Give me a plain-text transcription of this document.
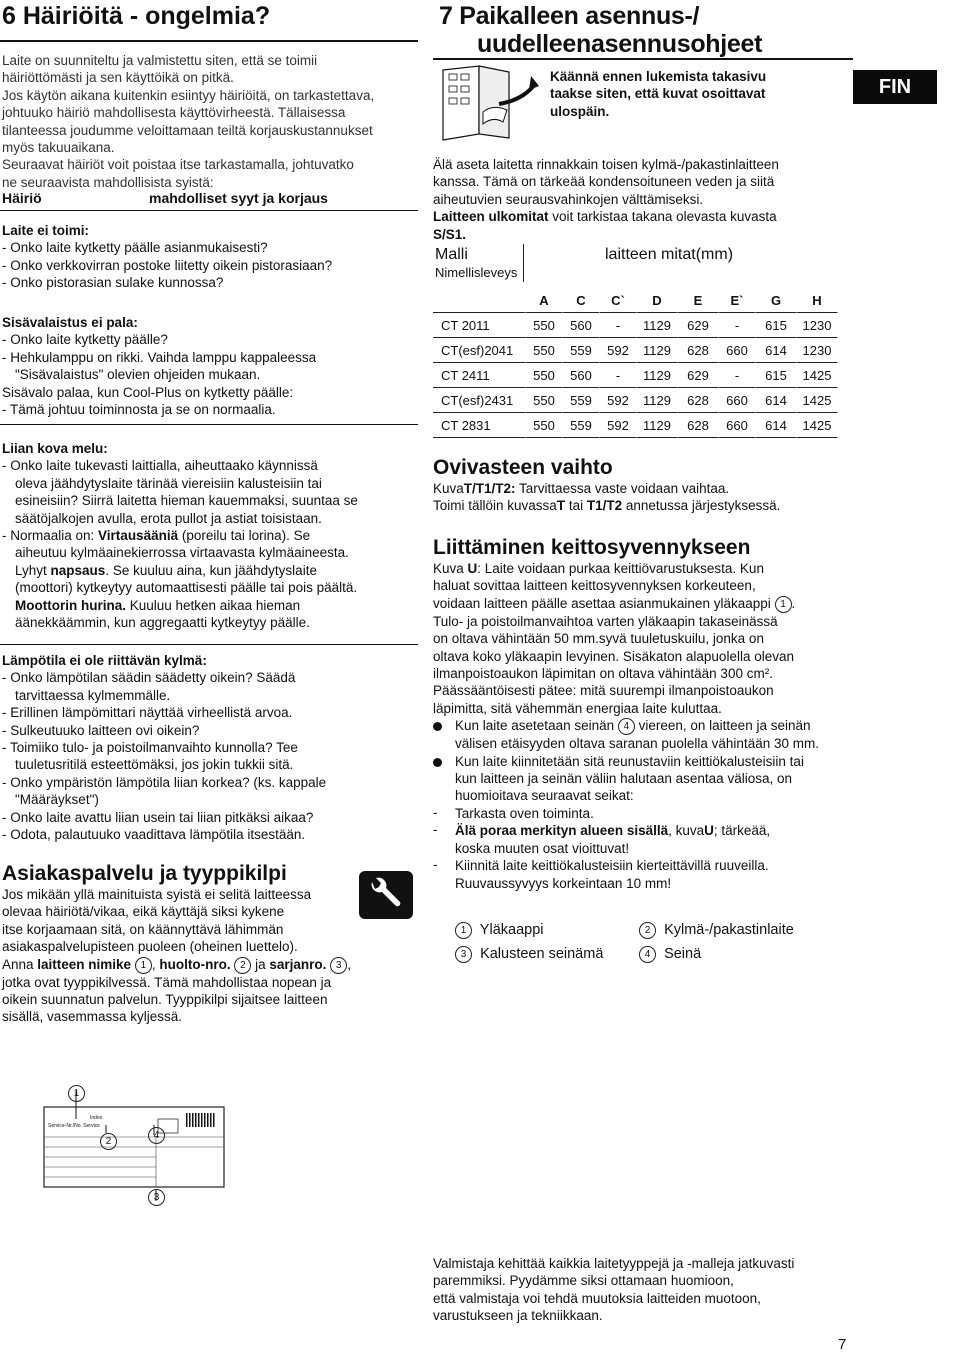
6 Häiriöitä - ongelmia?
Laite on suunniteltu ja valmistettu siten, että se toimii
häiriöttömästi ja sen käyttöikä on pitkä.
Jos käytön aikana kuitenkin esiintyy häiriöitä, on tarkastettava,
johtuuko häiriö mahdollisesta käyttövirheestä. Tällaisessa
tilanteessa joudumme veloittamaan teiltä korjauskustannukset
myös takuuaikana.
Seuraavat häiriöt voit poistaa itse tarkastamalla, johtuvatko
ne seuraavista mahdollisista syistä:
Häiriö	mahdolliset syyt ja korjaus
Laite ei toimi:
- Onko laite kytketty päälle asianmukaisesti?
- Onko verkkovirran postoke liitetty oikein pistorasiaan?
- Onko pistorasian sulake kunnossa?
Sisävalaistus ei pala:
- Onko laite kytketty päälle?
- Hehkulamppu on rikki. Vaihda lamppu kappaleessa
"Sisävalaistus" olevien ohjeiden mukaan.
Sisävalo palaa, kun Cool-Plus on kytketty päälle:
- Tämä johtuu toiminnosta ja se on normaalia.
Liian kova melu:
- Onko laite tukevasti laittialla, aiheuttaako käynnissä
oleva jäähdytyslaite tärinää viereisiin kalusteisiin tai
esineisiin? Siirrä laitetta hieman kauemmaksi, suuntaa se
säätöjalkojen avulla, erota pullot ja astiat toisistaan.
- Normaalia on: Virtausääniä (poreilu tai lorina). Se
aiheutuu kylmäainekierrossa virtaavasta kylmäaineesta.
Lyhyt napsaus. Se kuuluu aina, kun jäähdytyslaite
(moottori) kytkeytyy automaattisesti päälle tai pois päältä.
Moottorin hurina. Kuuluu hetken aikaa hieman
äänekkäämmin, kun aggregaatti kytkeytyy päälle.
Lämpötila ei ole riittävän kylmä:
- Onko lämpötilan säädin säädetty oikein? Säädä
tarvittaessa kylmemmälle.
- Erillinen lämpömittari näyttää virheellistä arvoa.
- Sulkeutuuko laitteen ovi oikein?
- Toimiiko tulo- ja poistoilmanvaihto kunnolla? Tee
tuuletusritilä esteettömäksi, jos jokin tukkii sitä.
- Onko ympäristön lämpötila liian korkea? (ks. kappale
"Määräykset")
- Onko laite avattu liian usein tai liian pitkäksi aikaa?
- Odota, palautuuko vaadittava lämpötila itsestään.
Asiakaspalvelu ja tyyppikilpi
Jos mikään yllä mainituista syistä ei selitä laitteessa
olevaa häiriötä/vikaa, eikä käyttäjä siksi kykene
itse korjaamaan sitä, on käännyttävä lähimmän
asiakaspalvelupisteen puoleen (oheinen luettelo).
Anna laitteen nimike 1 , huolto-nro. 2 ja sarjanro. 3 ,
jotka ovat tyyppikilvessä. Tämä mahdollistaa nopean ja
oikein suunnatun palvelun. Tyyppikilpi sijaitsee laitteen
sisällä, vasemmassa kyljessä.
1
2
3
4
Index
Service-Nr./No. Service
7 Paikalleen asennus-/
uudelleenasennusohjeet
Käännä ennen lukemista takasivu
taakse siten, että kuvat osoittavat
ulospäin.
Älä aseta laitetta rinnakkain toisen kylmä-/pakastinlaitteen
kanssa. Tämä on tärkeää kondensoituneen veden ja siitä
aiheutuvien seurausvahinkojen välttämiseksi.
Laitteen ulkomitat voit tarkistaa takana olevasta kuvasta
S/S1.
Malli	laitteen mitat(mm)
Nimellisleveys
	A	C	C`	D	E	E`	G	H
CT 2011	550	560	-	1129	629	-	615	1230
CT(esf)2041	550	559	592	1129	628	660	614	1230
CT 2411	550	560	-	1129	629	-	615	1425
CT(esf)2431	550	559	592	1129	628	660	614	1425
CT 2831	550	559	592	1129	628	660	614	1425
Ovivasteen vaihto
KuvaT/T1/T2: Tarvittaessa vaste voidaan vaihtaa.
Toimi tällöin kuvassaT tai T1/T2 annetussa järjestyksessä.
Liittäminen keittosyvennykseen
Kuva U: Laite voidaan purkaa keittiövarustuksesta. Kun
haluat sovittaa laitteen keittosyvennyksen korkeuteen,
voidaan laitteen päälle asettaa asianmukainen yläkaappi 1 .
Tulo- ja poistoilmanvaihtoa varten yläkaapin takaseinässä
on oltava vähintään 50 mm.syvä tuuletuskuilu, jonka on
oltava koko yläkaapin levyinen. Sisäkaton alapuolella olevan
ilmanpoistoaukon läpimitan on oltava vähintään 300 cm².
Päässääntöisesti pätee: mitä suurempi ilmanpoistoaukon
läpimitta, sitä vähemmän energiaa laite kuluttaa.
Kun laite asetetaan seinän 4 viereen, on laitteen ja seinän
välisen etäisyyden oltava saranan puolella vähintään 30 mm.
Kun laite kiinnitetään sitä reunustaviin keittiökalusteisiin tai
kun laitteen ja seinän väliin halutaan asentaa väliosa, on
huomioitava seuraavat seikat:
-	Tarkasta oven toiminta.
-	Älä poraa merkityn alueen sisällä, kuvaU; tärkeää,
koska muuten osat vioittuvat!
-	Kiinnitä laite keittiökalusteisiin kierteittävillä ruuveilla.
Ruuvaussyvyys korkeintaan 10 mm!
1 Yläkaappi	2 Kylmä-/pakastinlaite
3 Kalusteen seinämä	4 Seinä
Valmistaja kehittää kaikkia laitetyyppejä ja -malleja jatkuvasti
paremmiksi. Pyydämme siksi ottamaan huomioon,
että valmistaja voi tehdä muutoksia laitteiden muotoon,
varustukseen ja tekniikkaan.
FIN
7
